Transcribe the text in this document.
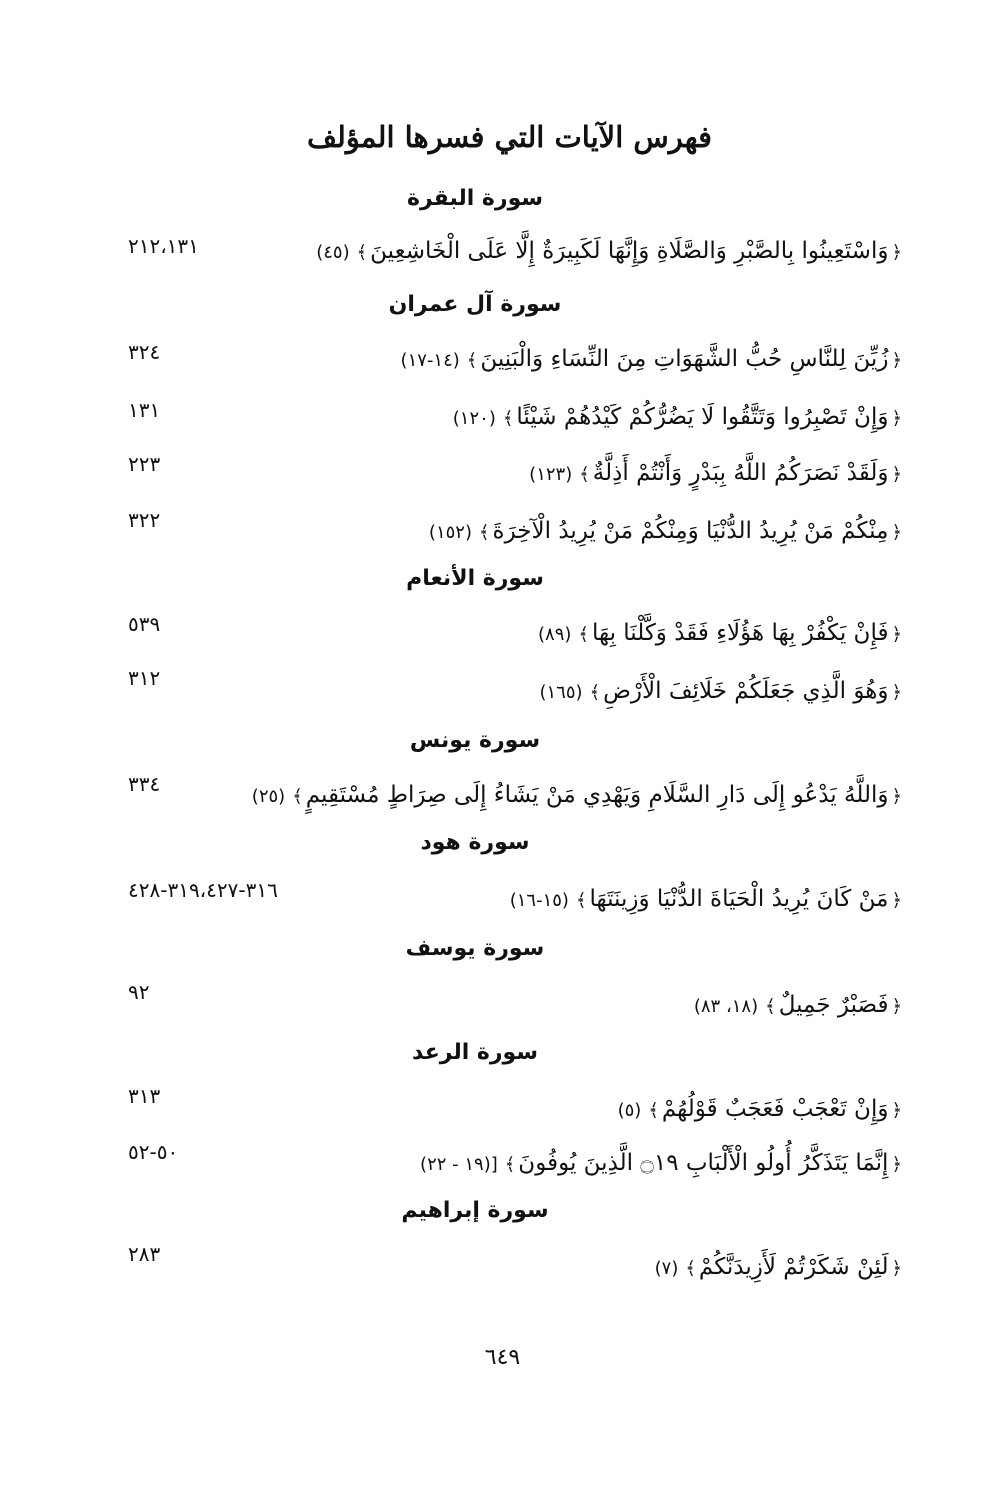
فهرس الآيات التي فسرها المؤلف
سورة البقرة
﴿وَاسْتَعِينُوا بِالصَّبْرِ وَالصَّلَاةِ وَإِنَّهَا لَكَبِيرَةٌ إِلَّا عَلَى الْخَاشِعِينَ﴾(٤٥)
٢١٢،١٣١
سورة آل عمران
﴿زُيِّنَ لِلنَّاسِ حُبُّ الشَّهَوَاتِ مِنَ النِّسَاءِ وَالْبَنِينَ﴾(١٤-١٧)
٣٢٤
﴿وَإِنْ تَصْبِرُوا وَتَتَّقُوا لَا يَضُرُّكُمْ كَيْدُهُمْ شَيْئًا﴾(١٢٠)
١٣١
﴿وَلَقَدْ نَصَرَكُمُ اللَّهُ بِبَدْرٍ وَأَنْتُمْ أَذِلَّةٌ﴾(١٢٣)
٢٢٣
﴿مِنْكُمْ مَنْ يُرِيدُ الدُّنْيَا وَمِنْكُمْ مَنْ يُرِيدُ الْآخِرَةَ﴾(١٥٢)
٣٢٢
سورة الأنعام
﴿فَإِنْ يَكْفُرْ بِهَا هَؤُلَاءِ فَقَدْ وَكَّلْنَا بِهَا﴾(٨٩)
٥٣٩
﴿وَهُوَ الَّذِي جَعَلَكُمْ خَلَائِفَ الْأَرْضِ﴾(١٦٥)
٣١٢
سورة يونس
﴿وَاللَّهُ يَدْعُو إِلَى دَارِ السَّلَامِ وَيَهْدِي مَنْ يَشَاءُ إِلَى صِرَاطٍ مُسْتَقِيمٍ﴾(٢٥)
٣٣٤
سورة هود
﴿مَنْ كَانَ يُرِيدُ الْحَيَاةَ الدُّنْيَا وَزِينَتَهَا﴾(١٥-١٦)
٣١٦-٣١٩،٤٢٧-٤٢٨
سورة يوسف
﴿فَصَبْرٌ جَمِيلٌ﴾(١٨، ٨٣)
٩٢
سورة الرعد
﴿وَإِنْ تَعْجَبْ فَعَجَبٌ قَوْلُهُمْ﴾(٥)
٣١٣
﴿إِنَّمَا يَتَذَكَّرُ أُولُو الْأَلْبَابِ ۝١٩ الَّذِينَ يُوفُونَ﴾[(١٩ - ٢٢)
٥٠-٥٢
سورة إبراهيم
﴿لَئِنْ شَكَرْتُمْ لَأَزِيدَنَّكُمْ﴾(٧)
٢٨٣
٦٤٩
